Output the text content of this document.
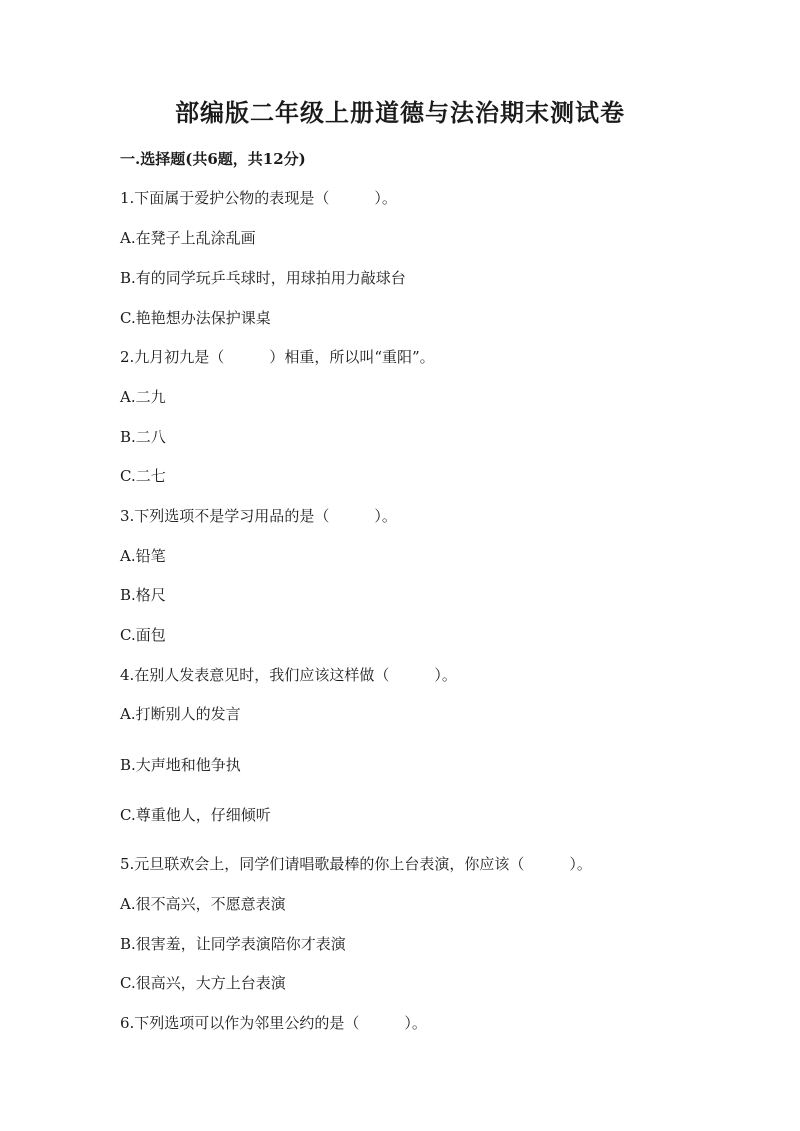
部编版二年级上册道德与法治期末测试卷
一.选择题(共6题，共12分)
1.下面属于爱护公物的表现是（　　　）。
A.在凳子上乱涂乱画
B.有的同学玩乒乓球时，用球拍用力敲球台
C.艳艳想办法保护课桌
2.九月初九是（　　　）相重，所以叫“重阳”。
A.二九
B.二八
C.二七
3.下列选项不是学习用品的是（　　　）。
A.铅笔
B.格尺
C.面包
4.在别人发表意见时，我们应该这样做（　　　）。
A.打断别人的发言
B.大声地和他争执
C.尊重他人，仔细倾听
5.元旦联欢会上，同学们请唱歌最棒的你上台表演，你应该（　　　）。
A.很不高兴，不愿意表演
B.很害羞，让同学表演陪你才表演
C.很高兴，大方上台表演
6.下列选项可以作为邻里公约的是（　　　）。
